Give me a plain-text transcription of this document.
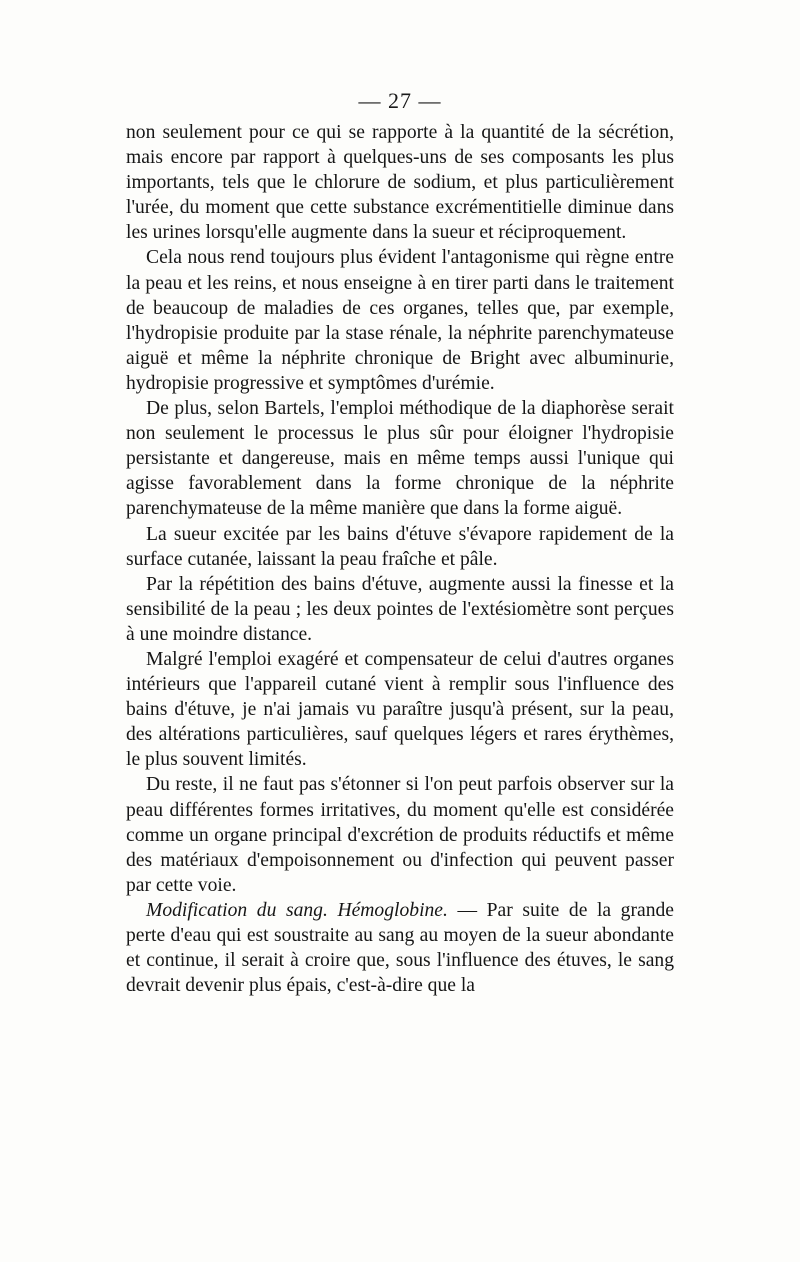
— 27 —

non seulement pour ce qui se rapporte à la quantité de la sécrétion, mais encore par rapport à quelques-uns de ses composants les plus importants, tels que le chlorure de sodium, et plus particulièrement l'urée, du moment que cette substance excrémentitielle diminue dans les urines lorsqu'elle augmente dans la sueur et réciproquement.

Cela nous rend toujours plus évident l'antagonisme qui règne entre la peau et les reins, et nous enseigne à en tirer parti dans le traitement de beaucoup de maladies de ces organes, telles que, par exemple, l'hydropisie produite par la stase rénale, la néphrite parenchymateuse aiguë et même la néphrite chronique de Bright avec albuminurie, hydropisie progressive et symptômes d'urémie.

De plus, selon Bartels, l'emploi méthodique de la diaphorèse serait non seulement le processus le plus sûr pour éloigner l'hydropisie persistante et dangereuse, mais en même temps aussi l'unique qui agisse favorablement dans la forme chronique de la néphrite parenchymateuse de la même manière que dans la forme aiguë.

La sueur excitée par les bains d'étuve s'évapore rapidement de la surface cutanée, laissant la peau fraîche et pâle.

Par la répétition des bains d'étuve, augmente aussi la finesse et la sensibilité de la peau ; les deux pointes de l'extésiomètre sont perçues à une moindre distance.

Malgré l'emploi exagéré et compensateur de celui d'autres organes intérieurs que l'appareil cutané vient à remplir sous l'influence des bains d'étuve, je n'ai jamais vu paraître jusqu'à présent, sur la peau, des altérations particulières, sauf quelques légers et rares érythèmes, le plus souvent limités.

Du reste, il ne faut pas s'étonner si l'on peut parfois observer sur la peau différentes formes irritatives, du moment qu'elle est considérée comme un organe principal d'excrétion de produits réductifs et même des matériaux d'empoisonnement ou d'infection qui peuvent passer par cette voie.

Modification du sang. Hémoglobine. — Par suite de la grande perte d'eau qui est soustraite au sang au moyen de la sueur abondante et continue, il serait à croire que, sous l'influence des étuves, le sang devrait devenir plus épais, c'est-à-dire que la
